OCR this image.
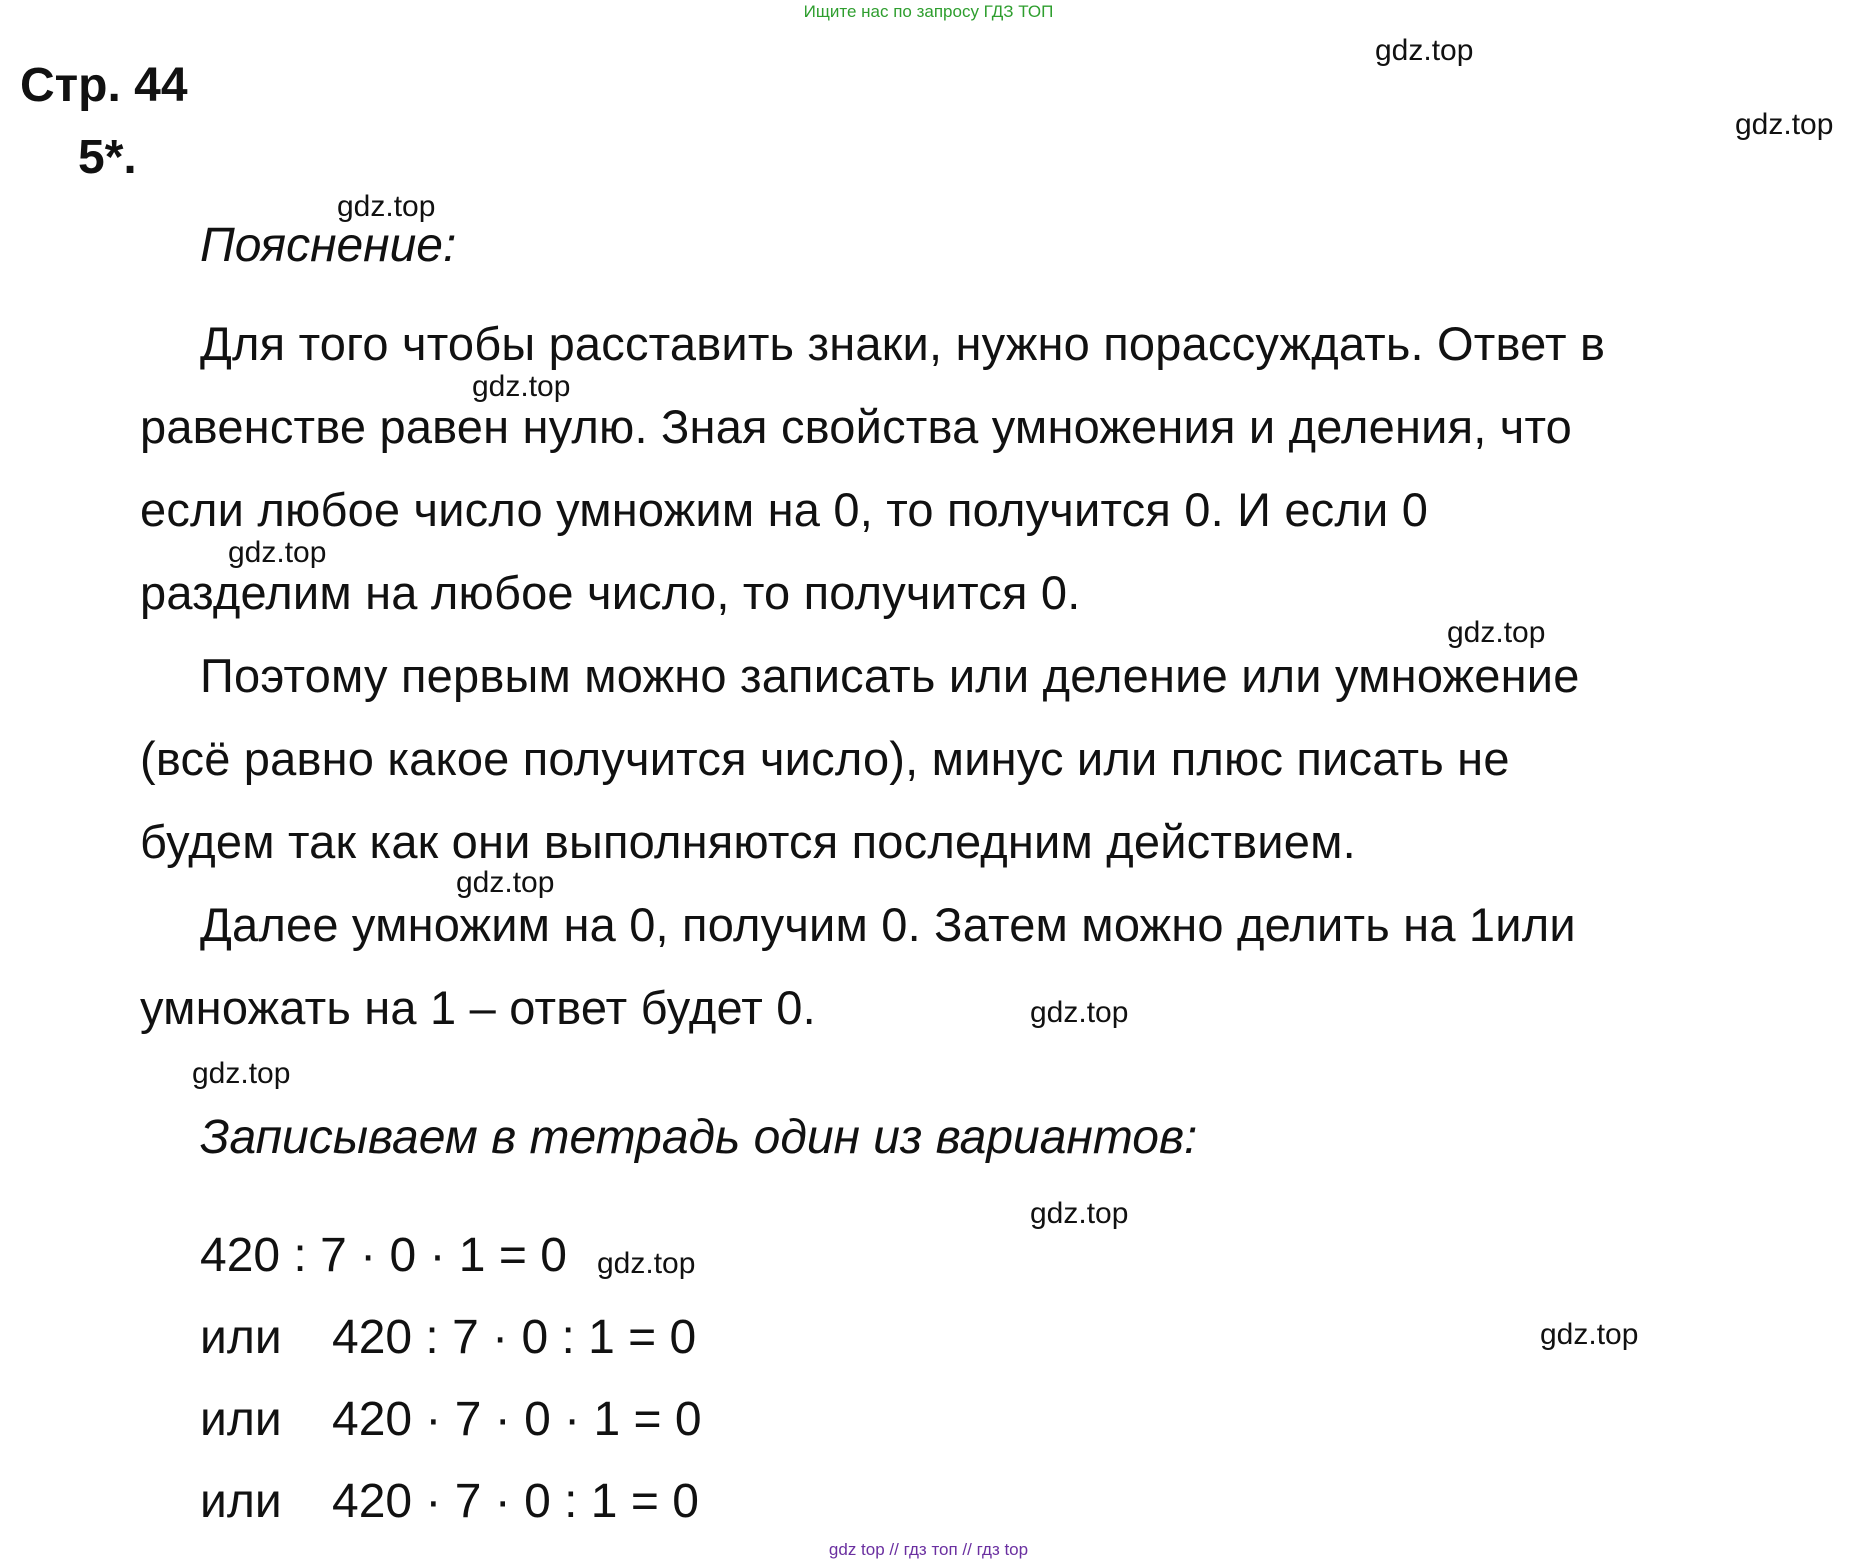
Ищите нас по запросу ГДЗ ТОП
Стр. 44
5*.
gdz.top
gdz.top
gdz.top
gdz.top
gdz.top
gdz.top
gdz.top
gdz.top
gdz.top
gdz.top
gdz.top
gdz.top
Пояснение:
Для того чтобы расставить знаки, нужно порассуждать. Ответ в
равенстве равен нулю. Зная свойства умножения и деления, что
если любое число умножим на 0, то получится 0. И если 0
разделим на любое число, то получится 0.
Поэтому первым можно записать или деление или умножение
(всё равно какое получится число), минус или плюс писать не
будем так как они выполняются последним действием.
Далее умножим на 0, получим 0. Затем можно делить на 1или
умножать на 1 – ответ будет 0.
Записываем в тетрадь один из вариантов:
420 : 7 · 0 · 1 = 0
или 420 : 7 · 0 : 1 = 0
или 420 · 7 · 0 · 1 = 0
или 420 · 7 · 0 : 1 = 0
gdz top // гдз топ // гдз top
